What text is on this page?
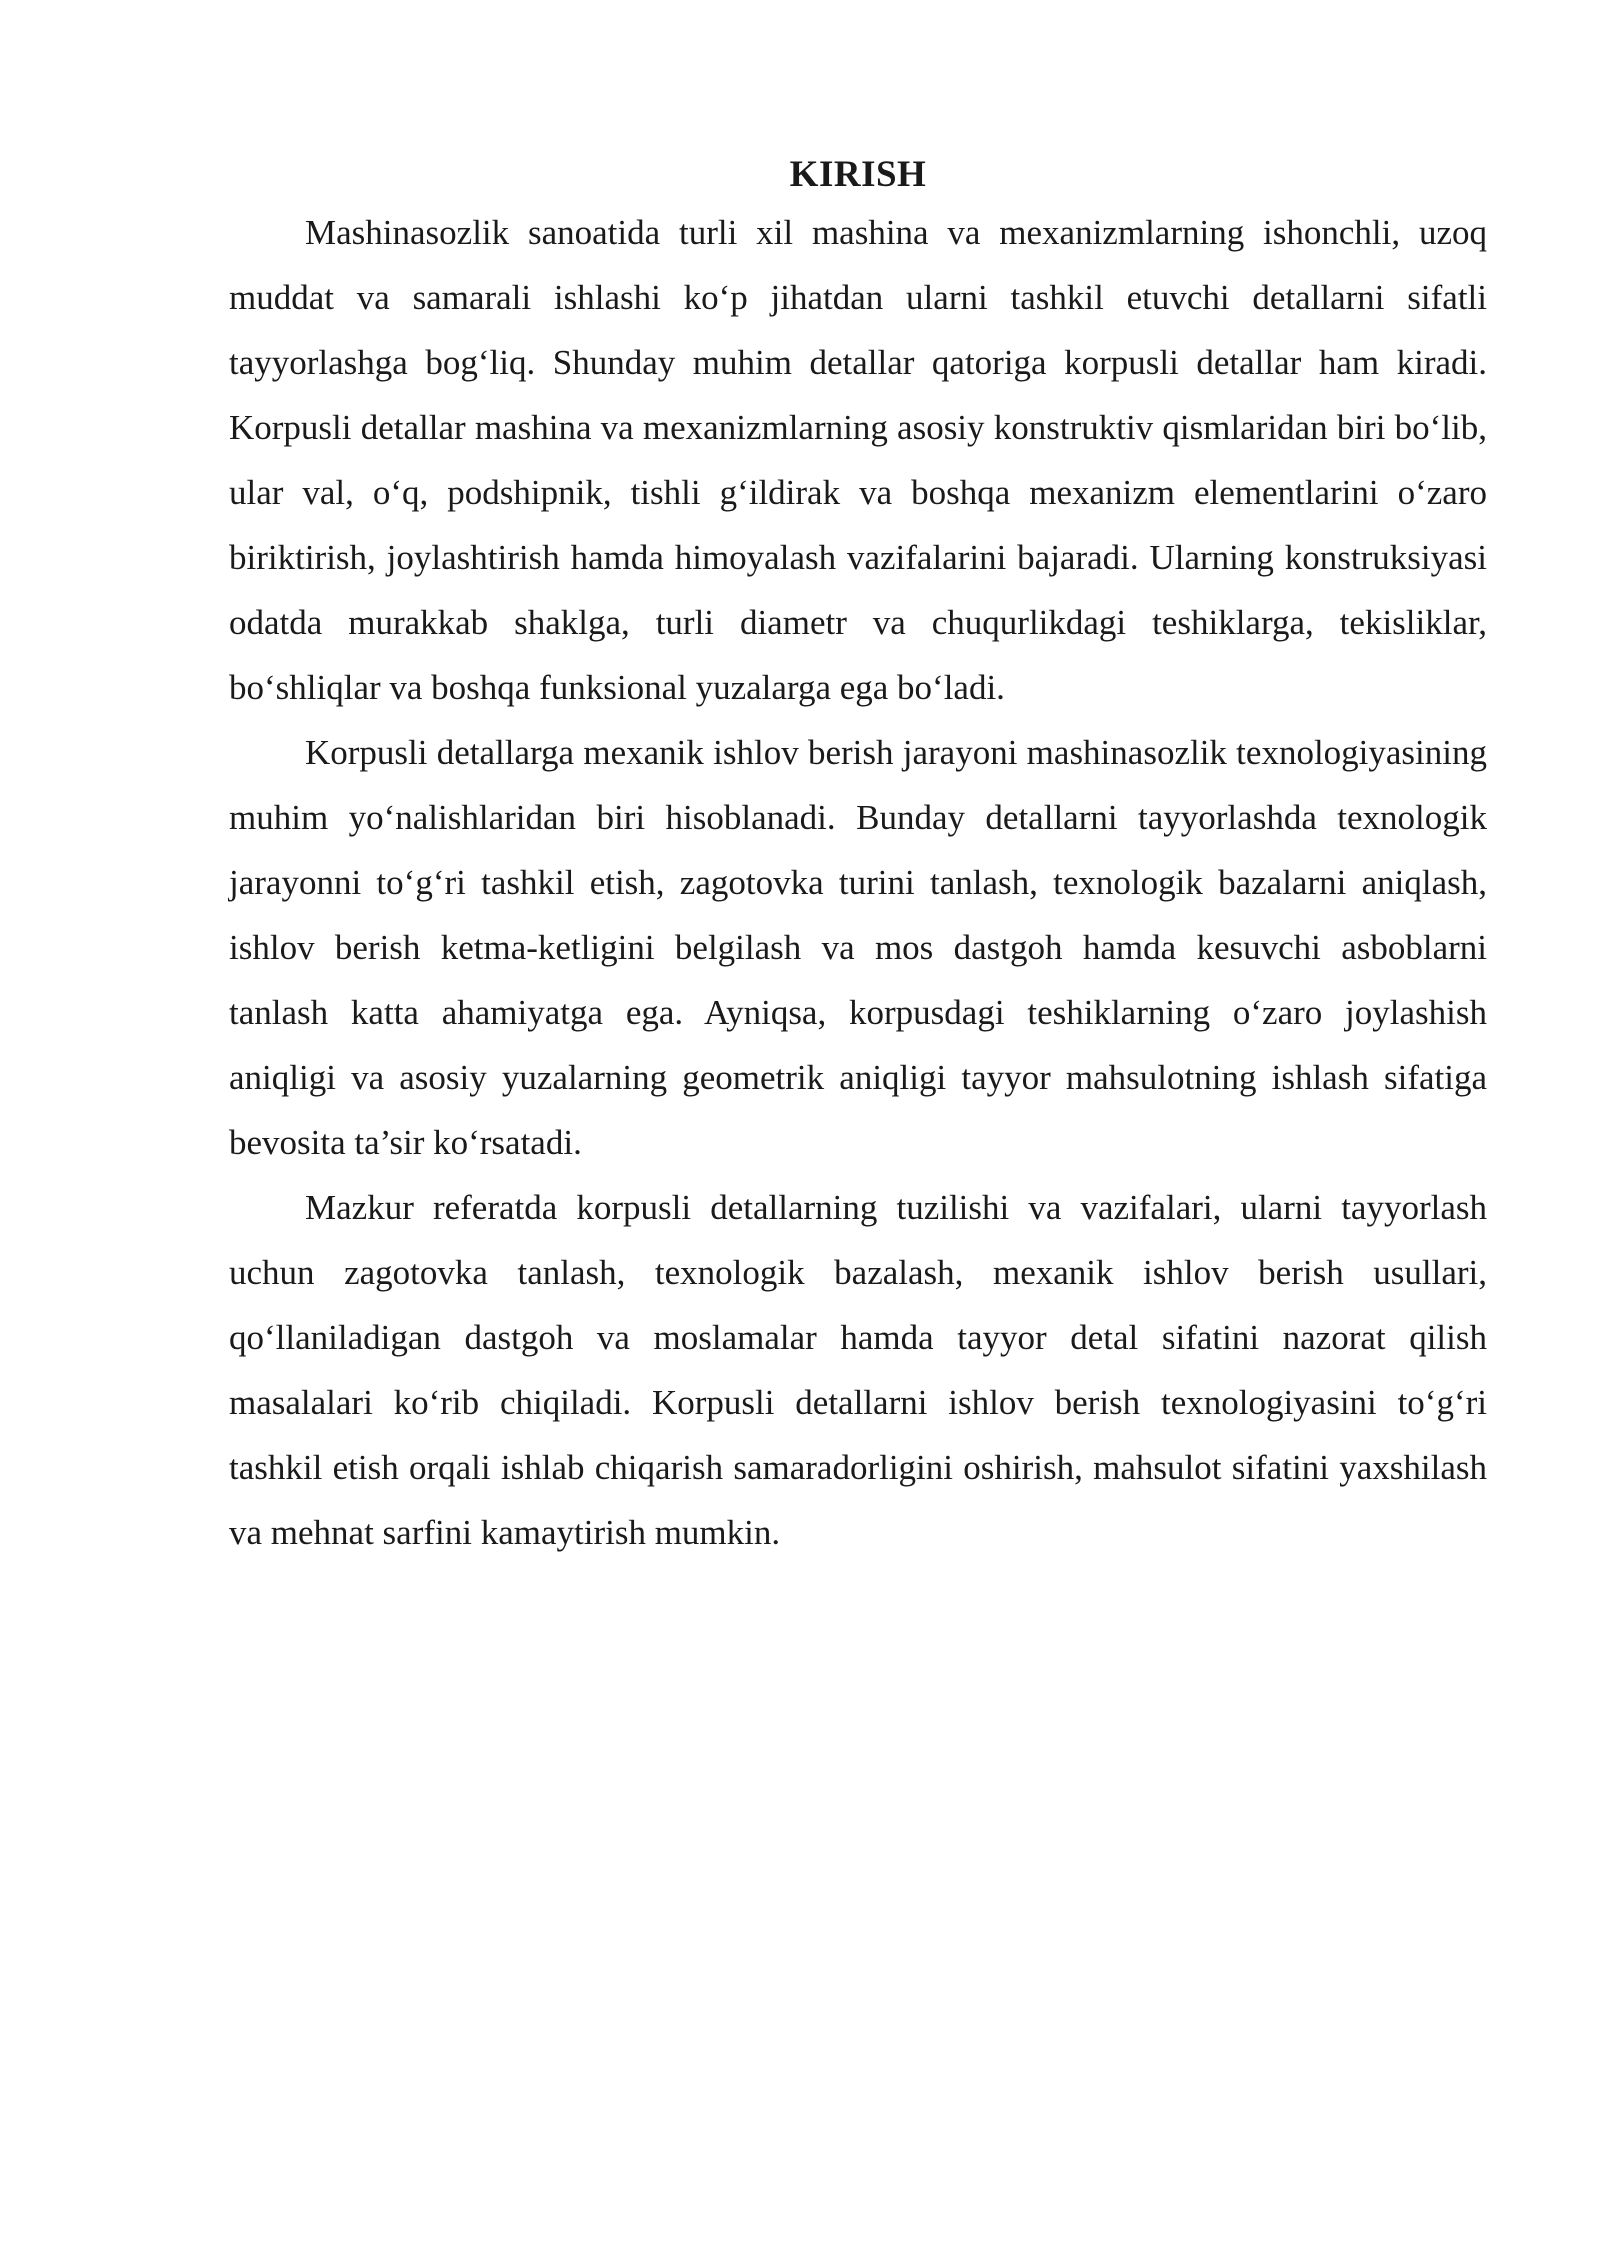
KIRISH

Mashinasozlik sanoatida turli xil mashina va mexanizmlarning ishonchli, uzoq muddat va samarali ishlashi ko‘p jihatdan ularni tashkil etuvchi detallarni sifatli tayyorlashga bog‘liq. Shunday muhim detallar qatoriga korpusli detallar ham kiradi. Korpusli detallar mashina va mexanizmlarning asosiy konstruktiv qismlaridan biri bo‘lib, ular val, o‘q, podshipnik, tishli g‘ildirak va boshqa mexanizm elementlarini o‘zaro biriktirish, joylashtirish hamda himoyalash vazifalarini bajaradi. Ularning konstruksiyasi odatda murakkab shaklga, turli diametr va chuqurlikdagi teshiklarga, tekisliklar, bo‘shliqlar va boshqa funksional yuzalarga ega bo‘ladi.

Korpusli detallarga mexanik ishlov berish jarayoni mashinasozlik texnologiyasining muhim yo‘nalishlaridan biri hisoblanadi. Bunday detallarni tayyorlashda texnologik jarayonni to‘g‘ri tashkil etish, zagotovka turini tanlash, texnologik bazalarni aniqlash, ishlov berish ketma-ketligini belgilash va mos dastgoh hamda kesuvchi asboblarni tanlash katta ahamiyatga ega. Ayniqsa, korpusdagi teshiklarning o‘zaro joylashish aniqligi va asosiy yuzalarning geometrik aniqligi tayyor mahsulotning ishlash sifatiga bevosita ta’sir ko‘rsatadi.

Mazkur referatda korpusli detallarning tuzilishi va vazifalari, ularni tayyorlash uchun zagotovka tanlash, texnologik bazalash, mexanik ishlov berish usullari, qo‘llaniladigan dastgoh va moslamalar hamda tayyor detal sifatini nazorat qilish masalalari ko‘rib chiqiladi. Korpusli detallarni ishlov berish texnologiyasini to‘g‘ri tashkil etish orqali ishlab chiqarish samaradorligini oshirish, mahsulot sifatini yaxshilash va mehnat sarfini kamaytirish mumkin.
